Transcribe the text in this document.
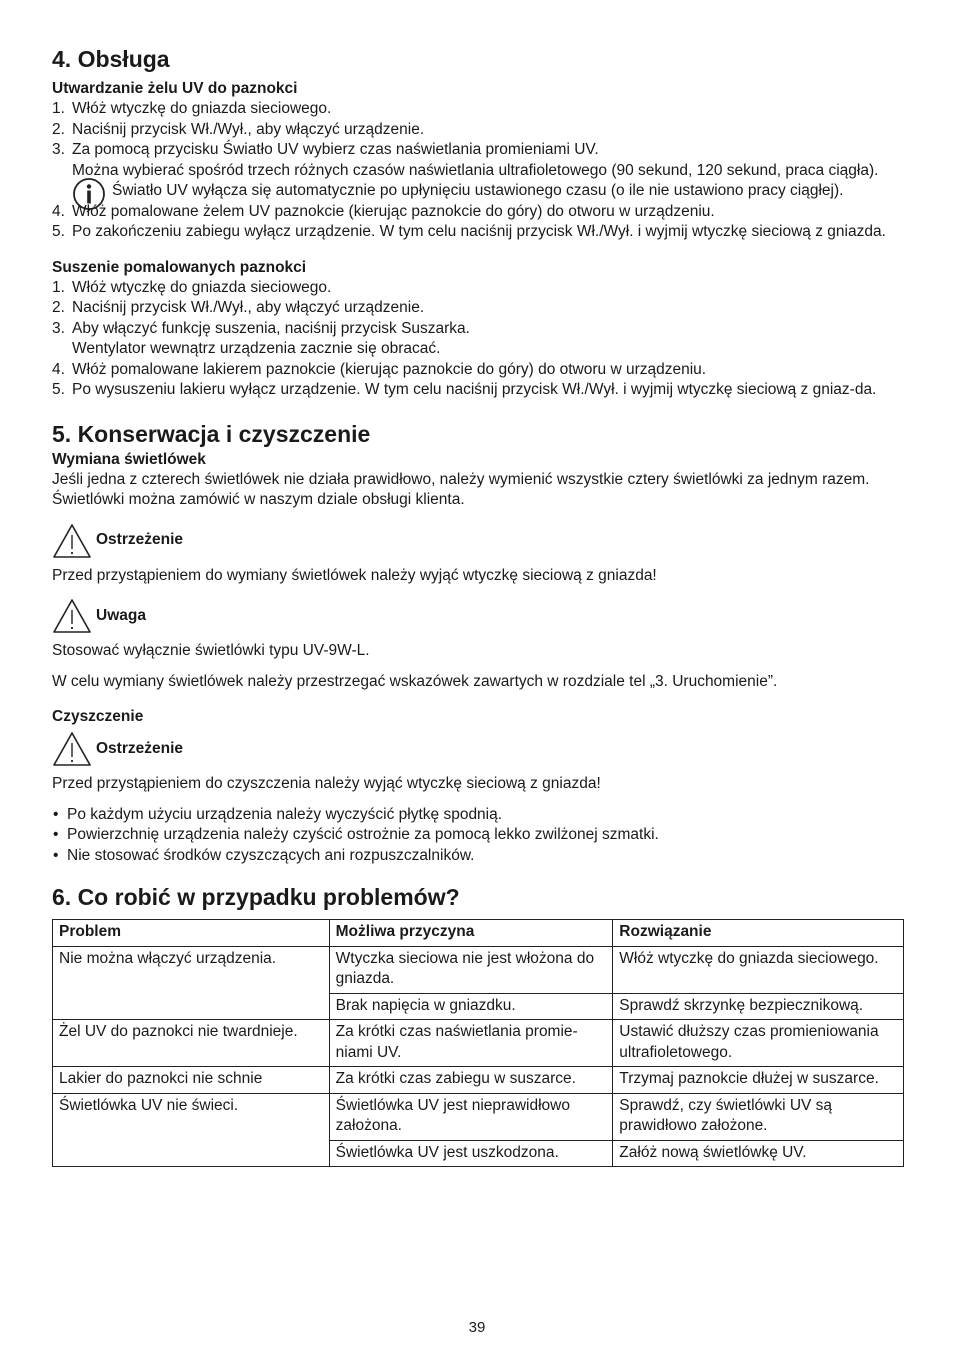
4. Obsługa
Utwardzanie żelu UV do paznokci
1. Włóż wtyczkę do gniazda sieciowego.
2. Naciśnij przycisk Wł./Wył., aby włączyć urządzenie.
3. Za pomocą przycisku Światło UV wybierz czas naświetlania promieniami UV.
Można wybierać spośród trzech różnych czasów naświetlania ultrafioletowego (90 sekund, 120 sekund, praca ciągła).
Światło UV wyłącza się automatycznie po upłynięciu ustawionego czasu (o ile nie ustawiono pracy ciągłej).
4. Włóż pomalowane żelem UV paznokcie (kierując paznokcie do góry) do otworu w urządzeniu.
5. Po zakończeniu zabiegu wyłącz urządzenie. W tym celu naciśnij przycisk Wł./Wył. i wyjmij wtyczkę sieciową z gniazda.
Suszenie pomalowanych paznokci
1. Włóż wtyczkę do gniazda sieciowego.
2. Naciśnij przycisk Wł./Wył., aby włączyć urządzenie.
3. Aby włączyć funkcję suszenia, naciśnij przycisk Suszarka.
Wentylator wewnątrz urządzenia zacznie się obracać.
4. Włóż pomalowane lakierem paznokcie (kierując paznokcie do góry) do otworu w urządzeniu.
5. Po wysuszeniu lakieru wyłącz urządzenie. W tym celu naciśnij przycisk Wł./Wył. i wyjmij wtyczkę sieciową z gniaz-da.
5. Konserwacja i czyszczenie
Wymiana świetlówek

Jeśli jedna z czterech świetlówek nie działa prawidłowo, należy wymienić wszystkie cztery świetlówki za jednym razem.

Świetlówki można zamówić w naszym dziale obsługi klienta.

Ostrzeżenie

Przed przystąpieniem do wymiany świetlówek należy wyjąć wtyczkę sieciową z gniazda!

Uwaga

Stosować wyłącznie świetlówki typu UV-9W-L.

W celu wymiany świetlówek należy przestrzegać wskazówek zawartych w rozdziale tel „3. Uruchomienie”.

Czyszczenie
Ostrzeżenie

Przed przystąpieniem do czyszczenia należy wyjąć wtyczkę sieciową z gniazda!

• Po każdym użyciu urządzenia należy wyczyścić płytkę spodnią.
• Powierzchnię urządzenia należy czyścić ostrożnie za pomocą lekko zwilżonej szmatki.
• Nie stosować środków czyszczących ani rozpuszczalników.
6. Co robić w przypadku problemów?
Problem	Możliwa przyczyna	Rozwiązanie
Nie można włączyć urządzenia.	Wtyczka sieciowa nie jest włożona do gniazda.	Włóż wtyczkę do gniazda sieciowego.
	Brak napięcia w gniazdku.	Sprawdź skrzynkę bezpiecznikową.
Żel UV do paznokci nie twardnieje.	Za krótki czas naświetlania promie-niami UV.	Ustawić dłuższy czas promieniowania ultrafioletowego.
Lakier do paznokci nie schnie	Za krótki czas zabiegu w suszarce.	Trzymaj paznokcie dłużej w suszarce.
Świetlówka UV nie świeci.	Świetlówka UV jest nieprawidłowo założona.	Sprawdź, czy świetlówki UV są prawidłowo założone.
	Świetlówka UV jest uszkodzona.	Załóż nową świetlówkę UV.
39
